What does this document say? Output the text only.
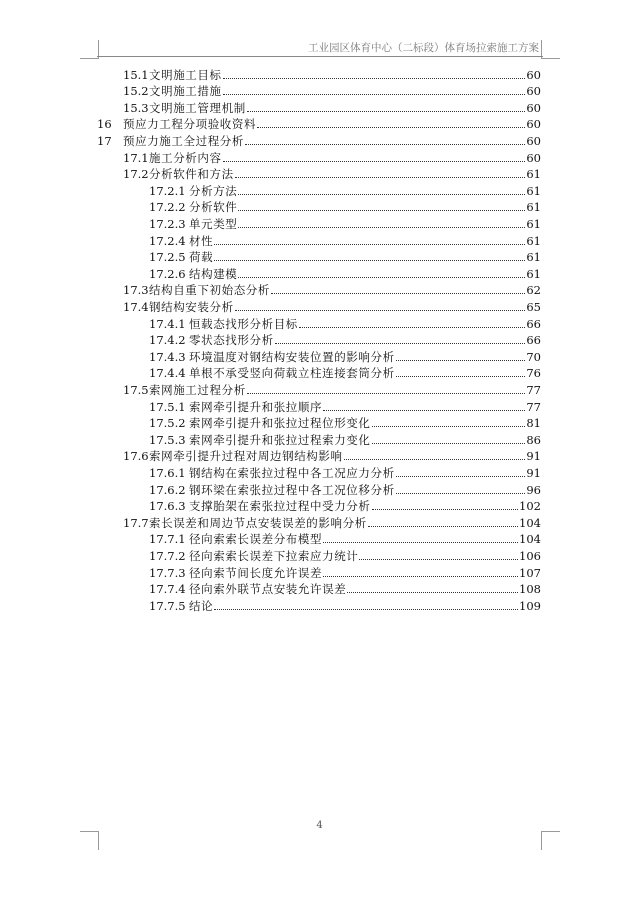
工业园区体育中心（二标段）体育场拉索施工方案
15.1 文明施工目标	60
15.2 文明施工措施	60
15.3 文明施工管理机制	60
16 预应力工程分项验收资料	60
17 预应力施工全过程分析	60
17.1 施工分析内容	60
17.2 分析软件和方法	61
17.2.1 分析方法	61
17.2.2 分析软件	61
17.2.3 单元类型	61
17.2.4 材性	61
17.2.5 荷载	61
17.2.6 结构建模	61
17.3 结构自重下初始态分析	62
17.4 钢结构安装分析	65
17.4.1 恒载态找形分析目标	66
17.4.2 零状态找形分析	66
17.4.3 环境温度对钢结构安装位置的影响分析	70
17.4.4 单根不承受竖向荷载立柱连接套筒分析	76
17.5 索网施工过程分析	77
17.5.1 索网牵引提升和张拉顺序	77
17.5.2 索网牵引提升和张拉过程位形变化	81
17.5.3 索网牵引提升和张拉过程索力变化	86
17.6 索网牵引提升过程对周边钢结构影响	91
17.6.1 钢结构在索张拉过程中各工况应力分析	91
17.6.2 钢环梁在索张拉过程中各工况位移分析	96
17.6.3 支撑胎架在索张拉过程中受力分析	102
17.7 索长误差和周边节点安装误差的影响分析	104
17.7.1 径向索索长误差分布模型	104
17.7.2 径向索索长误差下拉索应力统计	106
17.7.3 径向索节间长度允许误差	107
17.7.4 径向索外联节点安装允许误差	108
17.7.5 结论	109
4
